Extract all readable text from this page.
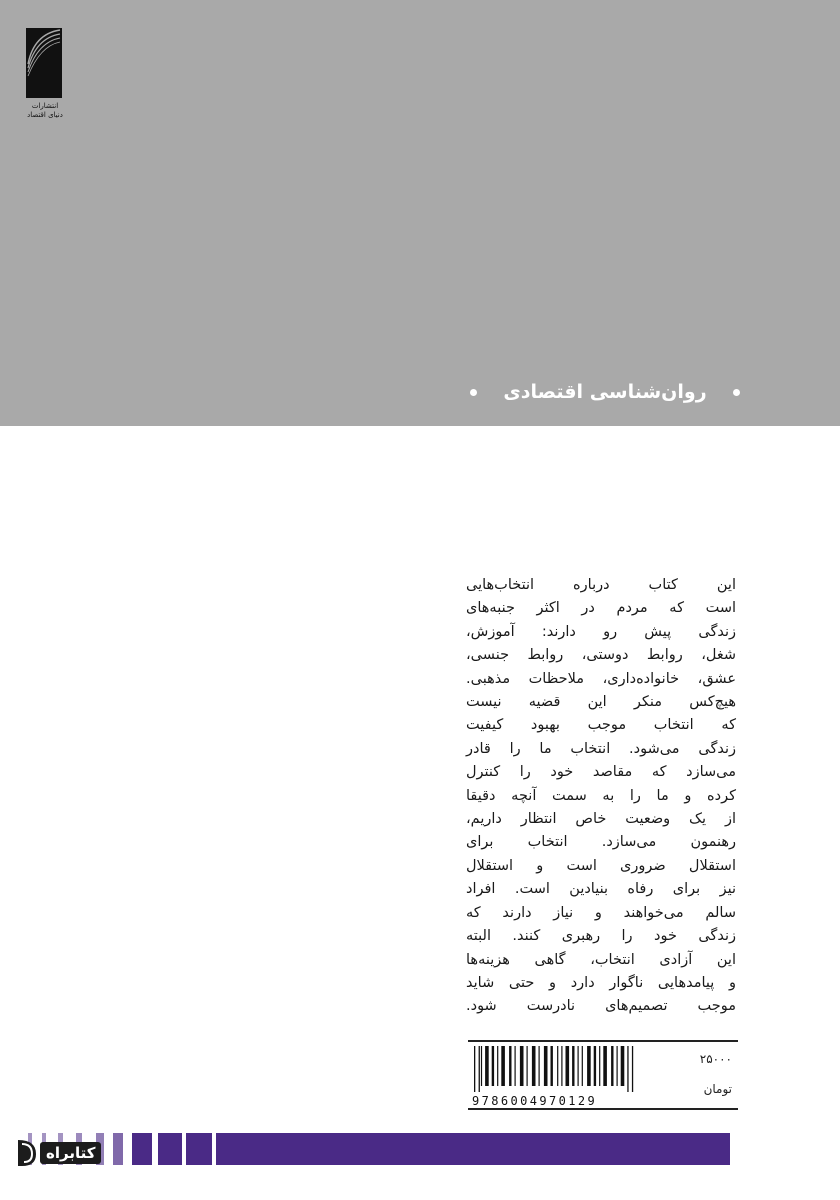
انتشارات دنیای اقتصاد
روان‌شناسی اقتصادی
این کتاب درباره انتخاب‌هایی
است که مردم در اکثر جنبه‌های
زندگی پیش رو دارند: آموزش،
شغل، روابط دوستی، روابط جنسی،
عشق، خانواده‌داری، ملاحظات مذهبی.
هیچ‌کس منکر این قضیه نیست
که انتخاب موجب بهبود کیفیت
زندگی می‌شود. انتخاب ما را قادر
می‌سازد که مقاصد خود را کنترل
کرده و ما را به سمت آنچه دقیقا
از یک وضعیت خاص انتظار داریم،
رهنمون می‌سازد. انتخاب برای
استقلال ضروری است و استقلال
نیز برای رفاه بنیادین است. افراد
سالم می‌خواهند و نیاز دارند که
زندگی خود را رهبری کنند. البته
این آزادی انتخاب، گاهی هزینه‌ها
و پیامدهایی ناگوار دارد و حتی شاید
موجب تصمیم‌های نادرست شود.
9786004970129
۲۵۰۰۰
تومان
کتابراه
